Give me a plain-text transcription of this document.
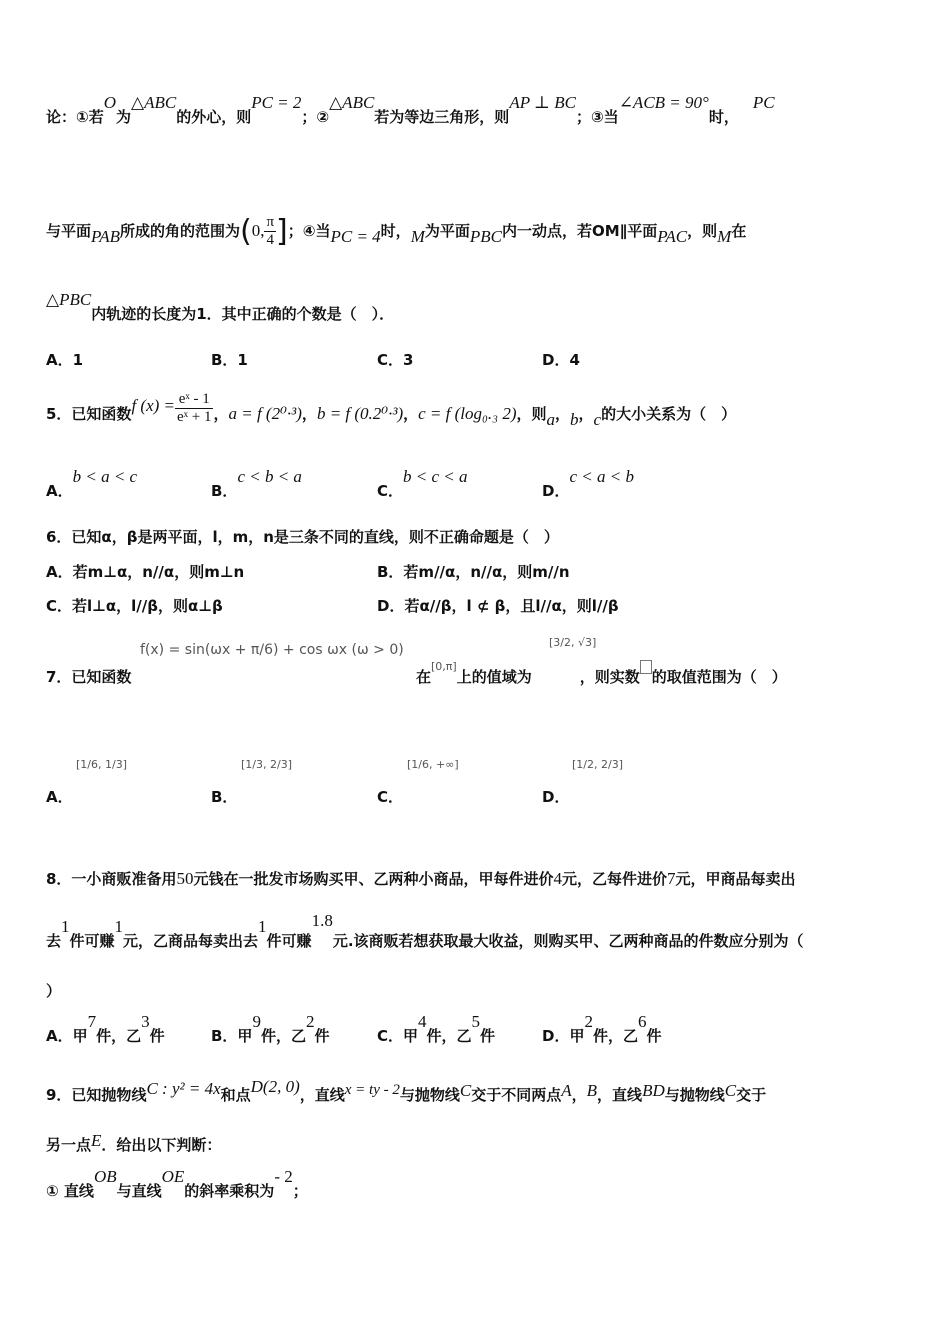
论：①若O为△ABC的外心，则PC = 2；②△ABC若为等边三角形，则AP ⊥ BC；③当∠ACB = 90°时，PC
与平面PAB所成的角的范围为(0, $\frac{\pi}{4}$ ]；④当PC = 4时，M为平面PBC内一动点，若OM∥平面PAC，则M在
△PBC内轨迹的长度为1．其中正确的个数是（　）．
A．1	B．1	C．3	D．4
5．已知函数f $(x) = \frac{\text{eˣ - 1}}{\text{eˣ + 1}}$ ，a = f (2⁰·³)，b = f (0.2⁰·³)，c = f (log₀.₃ 2)，则a，b，c的大小关系为（　）
A．b < a < c
B．c < b < a
C．b < c < a
D．c < a < b
6．已知α，β是两平面，l，m，n是三条不同的直线，则不正确命题是（　）
A．若m⊥α，n//α，则m⊥n	B．若m//α，n//α，则m//n
C．若l⊥α，l//β，则α⊥β	D．若α//β，l ⊄ β，且l//α，则l//β
7．已知函数
f(x) = sin(ωx + π/6) + cos ωx (ω > 0)
在[0,π]上的值域为
[3/2, √3]
，则实数 的取值范围为（　）
A．
[1/6, 1/3]
B．
[1/3, 2/3]
C．
[1/6, +∞]
D．
[1/2, 2/3]
8．一小商贩准备用50元钱在一批发市场购买甲、乙两种小商品，甲每件进价4元，乙每件进价7元，甲商品每卖出
去1件可赚1元，乙商品每卖出去1件可赚1.8元.该商贩若想获取最大收益，则购买甲、乙两种商品的件数应分别为（
）
A．甲7件，乙3件	B．甲9件，乙2件	C．甲4件，乙5件	D．甲2件，乙6件
9．已知抛物线C : y² = 4x和点D(2, 0)，直线x = ty - 2与抛物线C交于不同两点A，B，直线BD与抛物线C交于
另一点E．给出以下判断：
① 直线OB与直线OE的斜率乘积为- 2；
